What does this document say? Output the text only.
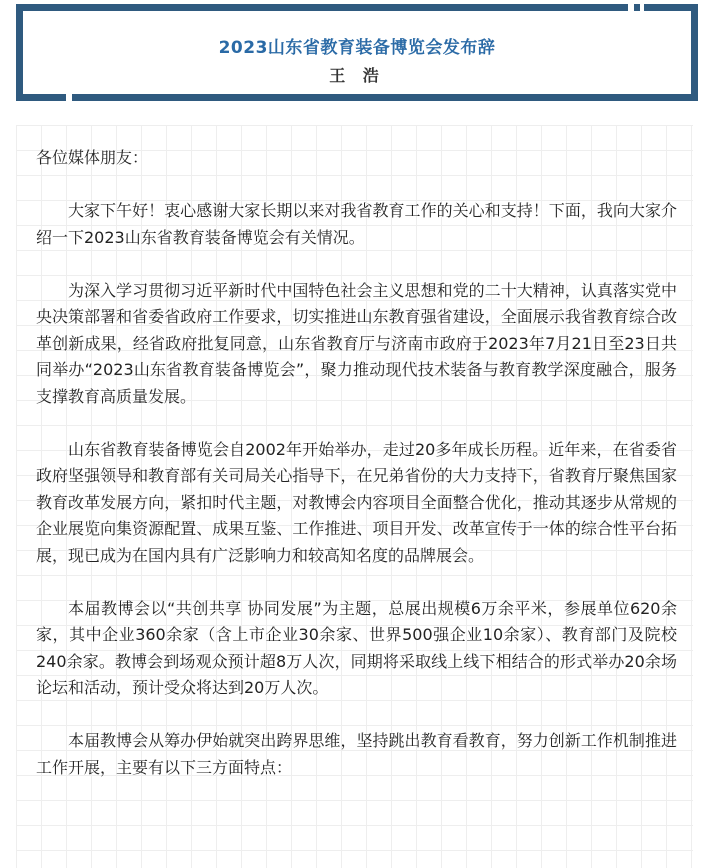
2023山东省教育装备博览会发布辞
王 浩

各位媒体朋友：

大家下午好！衷心感谢大家长期以来对我省教育工作的关心和支持！下面，我向大家介绍一下2023山东省教育装备博览会有关情况。

为深入学习贯彻习近平新时代中国特色社会主义思想和党的二十大精神，认真落实党中央决策部署和省委省政府工作要求，切实推进山东教育强省建设，全面展示我省教育综合改革创新成果，经省政府批复同意，山东省教育厅与济南市政府于2023年7月21日至23日共同举办“2023山东省教育装备博览会”，聚力推动现代技术装备与教育教学深度融合，服务支撑教育高质量发展。

山东省教育装备博览会自2002年开始举办，走过20多年成长历程。近年来，在省委省政府坚强领导和教育部有关司局关心指导下，在兄弟省份的大力支持下，省教育厅聚焦国家教育改革发展方向，紧扣时代主题，对教博会内容项目全面整合优化，推动其逐步从常规的企业展览向集资源配置、成果互鉴、工作推进、项目开发、改革宣传于一体的综合性平台拓展，现已成为在国内具有广泛影响力和较高知名度的品牌展会。

本届教博会以“共创共享 协同发展”为主题，总展出规模6万余平米，参展单位620余家，其中企业360余家（含上市企业30余家、世界500强企业10余家）、教育部门及院校240余家。教博会到场观众预计超8万人次，同期将采取线上线下相结合的形式举办20余场论坛和活动，预计受众将达到20万人次。

本届教博会从筹办伊始就突出跨界思维，坚持跳出教育看教育，努力创新工作机制推进工作开展，主要有以下三方面特点：
